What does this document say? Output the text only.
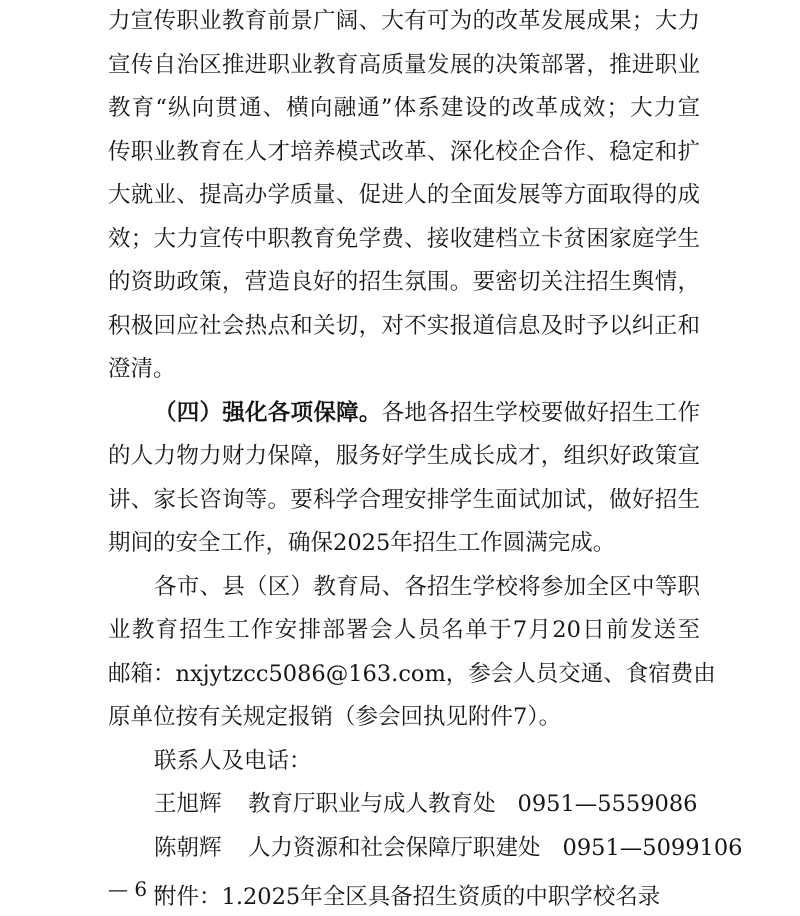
力宣传职业教育前景广阔、大有可为的改革发展成果；大力
宣传自治区推进职业教育高质量发展的决策部署，推进职业
教育“纵向贯通、横向融通”体系建设的改革成效；大力宣
传职业教育在人才培养模式改革、深化校企合作、稳定和扩
大就业、提高办学质量、促进人的全面发展等方面取得的成
效；大力宣传中职教育免学费、接收建档立卡贫困家庭学生
的资助政策，营造良好的招生氛围。要密切关注招生舆情，
积极回应社会热点和关切，对不实报道信息及时予以纠正和
澄清。
（四）强化各项保障。各地各招生学校要做好招生工作
的人力物力财力保障，服务好学生成长成才，组织好政策宣
讲、家长咨询等。要科学合理安排学生面试加试，做好招生
期间的安全工作，确保2025年招生工作圆满完成。
各市、县（区）教育局、各招生学校将参加全区中等职
业教育招生工作安排部署会人员名单于7月20日前发送至
邮箱：nxjytzcc5086@163.com，参会人员交通、食宿费由
原单位按有关规定报销（参会回执见附件7）。
联系人及电话：
王旭辉 教育厅职业与成人教育处 0951—5559086
— 6 —
陈朝辉 人力资源和社会保障厅职建处 0951—5099106
附件：1.2025年全区具备招生资质的中职学校名录
